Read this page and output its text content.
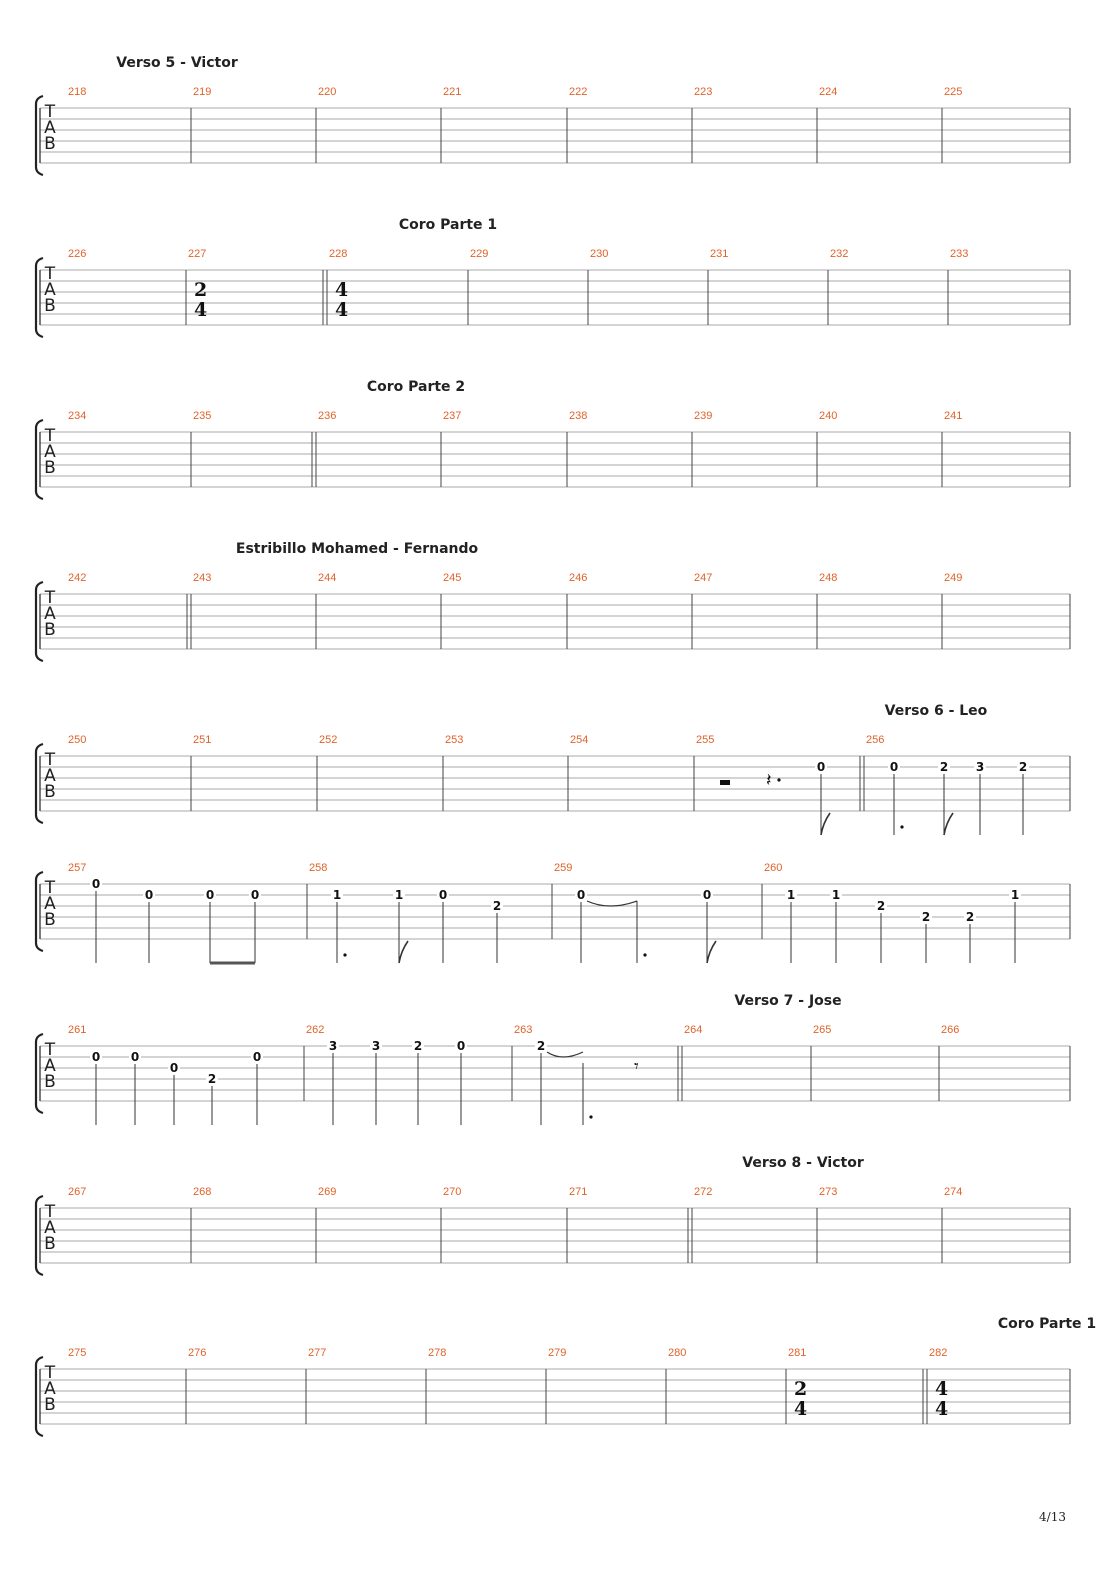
T
A
B
218	219	220	221	222	223	224	225
Verso 5 - Victor
T
A
B
226	227
2
4
228
4
4
229	230	231	232	233
Coro Parte 1
T
A
B
234	235	236	237	238	239	240	241
Coro Parte 2
T
A
B
242	243	244	245	246	247	248	249
Estribillo Mohamed - Fernando
T
A
B
250	251	252	253	254	255
𝄽
0
256
0	2 3	2
Verso 6 - Leo
T
A
B
257
0
0	0	0
258
1	1	0
2
259
0	0
260
1	1
2
2	2
1
T
A
B
261
0	0
0
2
0
262
3	3	2	0
263
𝄾
2
264	265	266
Verso 7 - Jose
T
A
B
267	268	269	270	271	272	273	274
Verso 8 - Victor
T
A
B
275	276	277	278	279	280	281
2
4
282
4
4
Coro Parte 1
4/13
